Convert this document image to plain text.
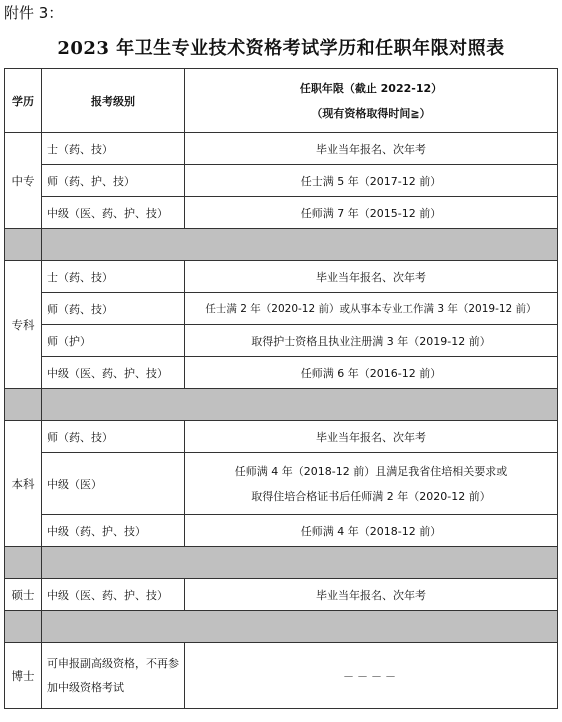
附件 3：
2023 年卫生专业技术资格考试学历和任职年限对照表
学历	报考级别	任职年限（截止 2022-12）
（现有资格取得时间≧）

中专	士（药、技）	毕业当年报名、次年考
	师（药、护、技）	任士满 5 年（2017-12 前）
	中级（医、药、护、技）	任师满 7 年（2015-12 前）

专科	士（药、技）	毕业当年报名、次年考
	师（药、技）	任士满 2 年（2020-12 前）或从事本专业工作满 3 年（2019-12 前）
	师（护）	取得护士资格且执业注册满 3 年（2019-12 前）
	中级（医、药、护、技）	任师满 6 年（2016-12 前）

本科	师（药、技）	毕业当年报名、次年考
	中级（医）	任师满 4 年（2018-12 前）且满足我省住培相关要求或
取得住培合格证书后任师满 2 年（2020-12 前）

	中级（药、护、技）	任师满 4 年（2018-12 前）

硕士	中级（医、药、护、技）	毕业当年报名、次年考

博士	可申报副高级资格，不再参加中级资格考试	－－－－
